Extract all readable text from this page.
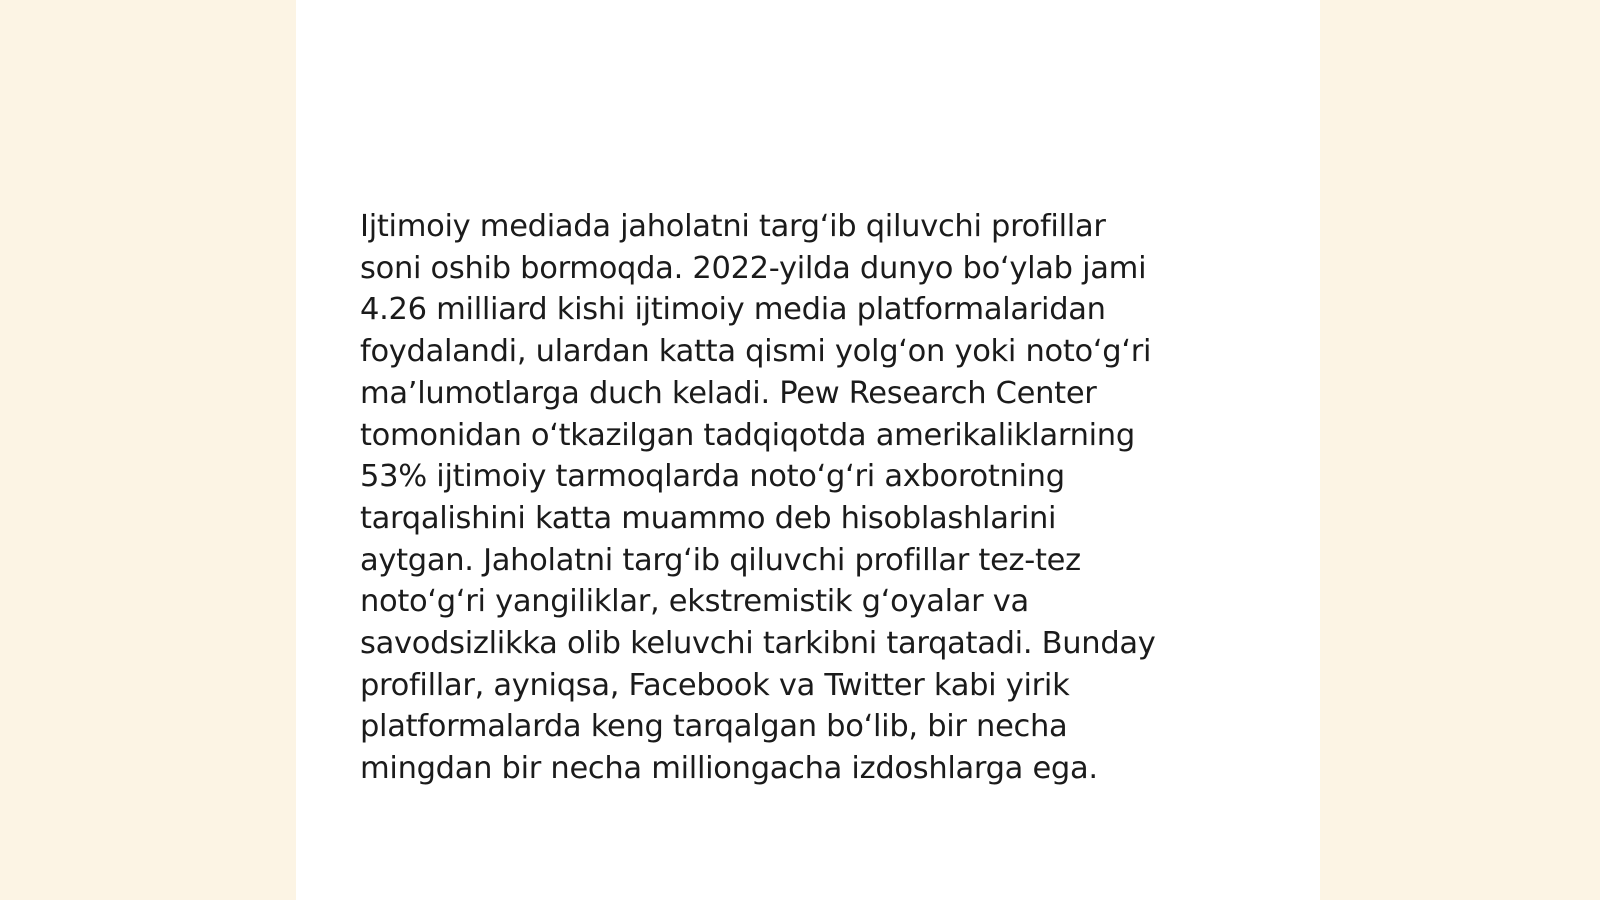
Ijtimoiy mediada jaholatni targ‘ib qiluvchi profillar
soni oshib bormoqda. 2022-yilda dunyo bo‘ylab jami
4.26 milliard kishi ijtimoiy media platformalaridan
foydalandi, ulardan katta qismi yolg‘on yoki noto‘g‘ri
ma’lumotlarga duch keladi. Pew Research Center
tomonidan o‘tkazilgan tadqiqotda amerikaliklarning
53% ijtimoiy tarmoqlarda noto‘g‘ri axborotning
tarqalishini katta muammo deb hisoblashlarini
aytgan. Jaholatni targ‘ib qiluvchi profillar tez-tez
noto‘g‘ri yangiliklar, ekstremistik g‘oyalar va
savodsizlikka olib keluvchi tarkibni tarqatadi. Bunday
profillar, ayniqsa, Facebook va Twitter kabi yirik
platformalarda keng tarqalgan bo‘lib, bir necha
mingdan bir necha milliongacha izdoshlarga ega.
